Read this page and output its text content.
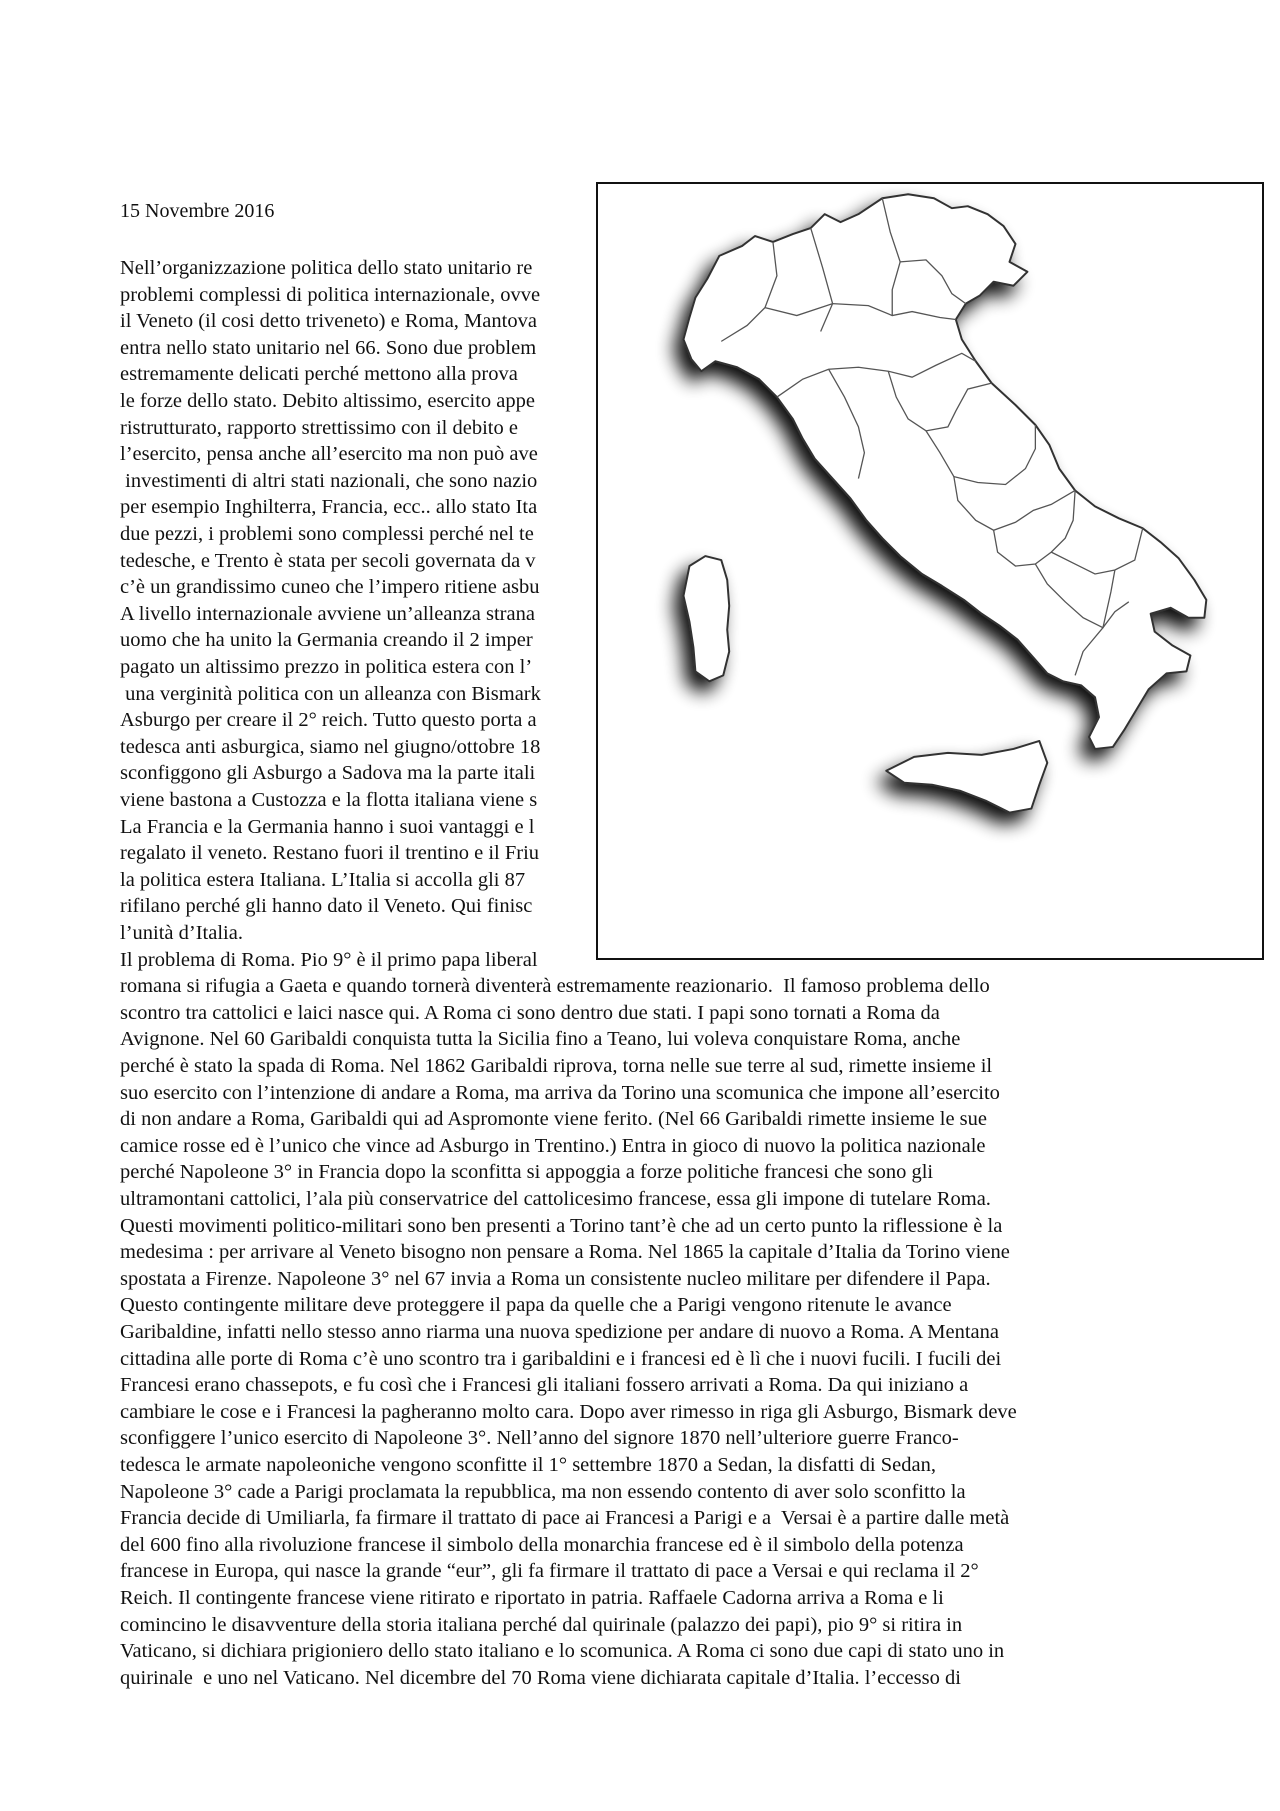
15 Novembre 2016
Nell’organizzazione politica dello stato unitario re
problemi complessi di politica internazionale, ovve
il Veneto (il cosi detto triveneto) e Roma, Mantova
entra nello stato unitario nel 66. Sono due problem
estremamente delicati perché mettono alla prova
le forze dello stato. Debito altissimo, esercito appe
ristrutturato, rapporto strettissimo con il debito e
l’esercito, pensa anche all’esercito ma non può ave
investimenti di altri stati nazionali, che sono nazio
per esempio Inghilterra, Francia, ecc.. allo stato Ita
due pezzi, i problemi sono complessi perché nel te
tedesche, e Trento è stata per secoli governata da v
c’è un grandissimo cuneo che l’impero ritiene asbu
A livello internazionale avviene un’alleanza strana
uomo che ha unito la Germania creando il 2 imper
pagato un altissimo prezzo in politica estera con l’
una verginità politica con un alleanza con Bismark
Asburgo per creare il 2° reich. Tutto questo porta a
tedesca anti asburgica, siamo nel giugno/ottobre 18
sconfiggono gli Asburgo a Sadova ma la parte itali
viene bastona a Custozza e la flotta italiana viene s
La Francia e la Germania hanno i suoi vantaggi e l
regalato il veneto. Restano fuori il trentino e il Friu
la politica estera Italiana. L’Italia si accolla gli 87
rifilano perché gli hanno dato il Veneto. Qui finisc
l’unità d’Italia.
Il problema di Roma. Pio 9° è il primo papa liberal
romana si rifugia a Gaeta e quando tornerà diventerà estremamente reazionario.  Il famoso problema dello
scontro tra cattolici e laici nasce qui. A Roma ci sono dentro due stati. I papi sono tornati a Roma da
Avignone. Nel 60 Garibaldi conquista tutta la Sicilia fino a Teano, lui voleva conquistare Roma, anche
perché è stato la spada di Roma. Nel 1862 Garibaldi riprova, torna nelle sue terre al sud, rimette insieme il
suo esercito con l’intenzione di andare a Roma, ma arriva da Torino una scomunica che impone all’esercito
di non andare a Roma, Garibaldi qui ad Aspromonte viene ferito. (Nel 66 Garibaldi rimette insieme le sue
camice rosse ed è l’unico che vince ad Asburgo in Trentino.) Entra in gioco di nuovo la politica nazionale
perché Napoleone 3° in Francia dopo la sconfitta si appoggia a forze politiche francesi che sono gli
ultramontani cattolici, l’ala più conservatrice del cattolicesimo francese, essa gli impone di tutelare Roma.
Questi movimenti politico-militari sono ben presenti a Torino tant’è che ad un certo punto la riflessione è la
medesima : per arrivare al Veneto bisogno non pensare a Roma. Nel 1865 la capitale d’Italia da Torino viene
spostata a Firenze. Napoleone 3° nel 67 invia a Roma un consistente nucleo militare per difendere il Papa.
Questo contingente militare deve proteggere il papa da quelle che a Parigi vengono ritenute le avance
Garibaldine, infatti nello stesso anno riarma una nuova spedizione per andare di nuovo a Roma. A Mentana
cittadina alle porte di Roma c’è uno scontro tra i garibaldini e i francesi ed è lì che i nuovi fucili. I fucili dei
Francesi erano chassepots, e fu così che i Francesi gli italiani fossero arrivati a Roma. Da qui iniziano a
cambiare le cose e i Francesi la pagheranno molto cara. Dopo aver rimesso in riga gli Asburgo, Bismark deve
sconfiggere l’unico esercito di Napoleone 3°. Nell’anno del signore 1870 nell’ulteriore guerre Franco-
tedesca le armate napoleoniche vengono sconfitte il 1° settembre 1870 a Sedan, la disfatti di Sedan,
Napoleone 3° cade a Parigi proclamata la repubblica, ma non essendo contento di aver solo sconfitto la
Francia decide di Umiliarla, fa firmare il trattato di pace ai Francesi a Parigi e a  Versai è a partire dalle metà
del 600 fino alla rivoluzione francese il simbolo della monarchia francese ed è il simbolo della potenza
francese in Europa, qui nasce la grande “eur”, gli fa firmare il trattato di pace a Versai e qui reclama il 2°
Reich. Il contingente francese viene ritirato e riportato in patria. Raffaele Cadorna arriva a Roma e li
comincino le disavventure della storia italiana perché dal quirinale (palazzo dei papi), pio 9° si ritira in
Vaticano, si dichiara prigioniero dello stato italiano e lo scomunica. A Roma ci sono due capi di stato uno in
quirinale  e uno nel Vaticano. Nel dicembre del 70 Roma viene dichiarata capitale d’Italia. l’eccesso di
